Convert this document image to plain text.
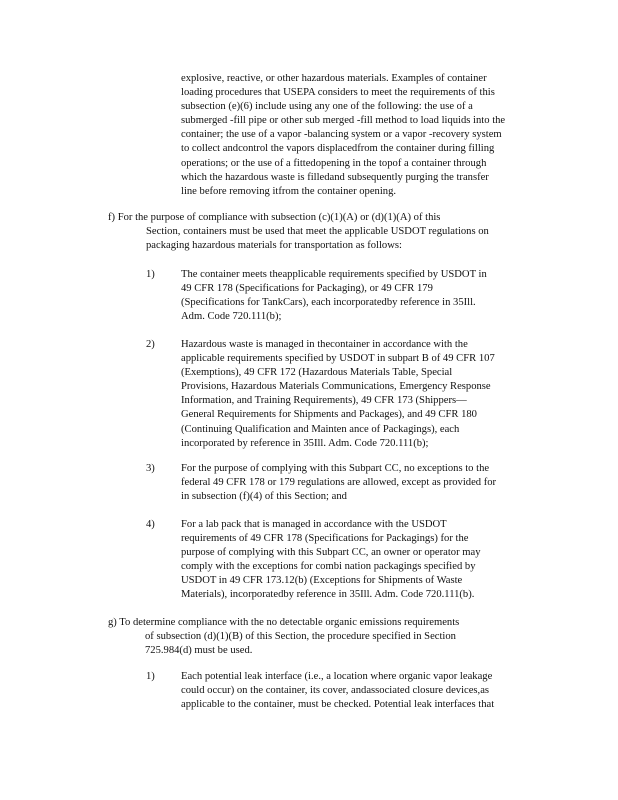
explosive, reactive, or other hazardous materials. Examples of container
loading procedures that USEPA considers to meet the requirements of this
subsection (e)(6) include using any one of the following: the use of a
submerged -fill pipe or other sub merged -fill method to load liquids into the
container; the use of a vapor -balancing system or a vapor -recovery system
to collect andcontrol the vapors displacedfrom the container during filling
operations; or the use of a fittedopening in the topof a container through
which the hazardous waste is filledand subsequently purging the transfer
line before removing itfrom the container opening.
f) For the purpose of compliance with subsection (c)(1)(A) or (d)(1)(A) of this
Section, containers must be used that meet the applicable USDOT regulations on
packaging hazardous materials for transportation as follows:
1) The container meets theapplicable requirements specified by USDOT in
49 CFR 178 (Specifications for Packaging), or 49 CFR 179
(Specifications for TankCars), each incorporatedby reference in 35Ill.
Adm. Code 720.111(b);
2) Hazardous waste is managed in thecontainer in accordance with the
applicable requirements specified by USDOT in subpart B of 49 CFR 107
(Exemptions), 49 CFR 172 (Hazardous Materials Table, Special
Provisions, Hazardous Materials Communications, Emergency Response
Information, and Training Requirements), 49 CFR 173 (Shippers—
General Requirements for Shipments and Packages), and 49 CFR 180
(Continuing Qualification and Mainten ance of Packagings), each
incorporated by reference in 35Ill. Adm. Code 720.111(b);
3) For the purpose of complying with this Subpart CC, no exceptions to the
federal 49 CFR 178 or 179 regulations are allowed, except as provided for
in subsection (f)(4) of this Section; and
4) For a lab pack that is managed in accordance with the USDOT
requirements of 49 CFR 178 (Specifications for Packagings) for the
purpose of complying with this Subpart CC, an owner or operator may
comply with the exceptions for combi nation packagings specified by
USDOT in 49 CFR 173.12(b) (Exceptions for Shipments of Waste
Materials), incorporatedby reference in 35Ill. Adm. Code 720.111(b).
g) To determine compliance with the no detectable organic emissions requirements
of subsection (d)(1)(B) of this Section, the procedure specified in Section
725.984(d) must be used.
1) Each potential leak interface (i.e., a location where organic vapor leakage
could occur) on the container, its cover, andassociated closure devices,as
applicable to the container, must be checked. Potential leak interfaces that
